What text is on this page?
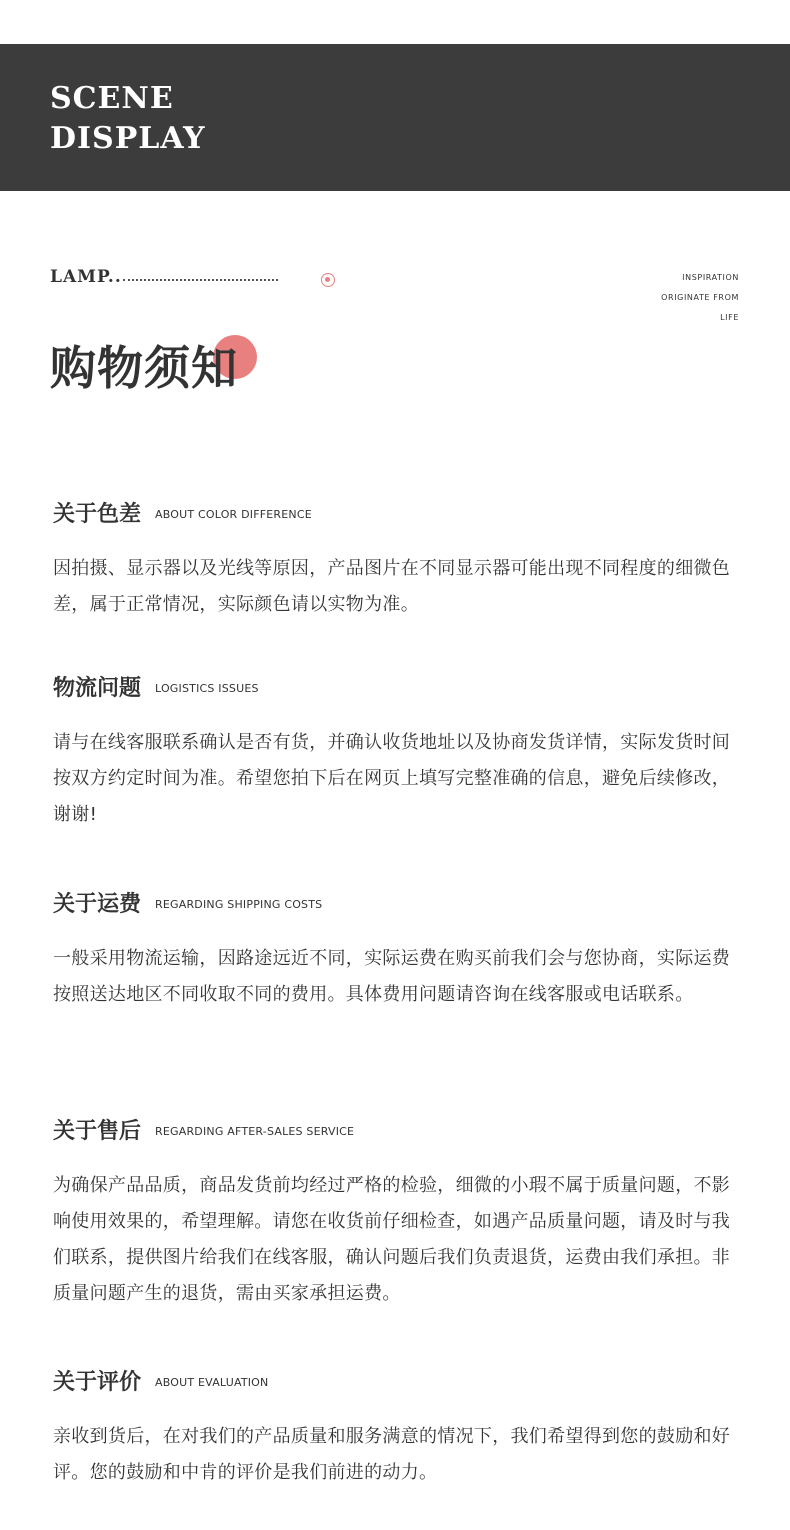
SCENE
DISPLAY
LAMP..	INSPIRATION
ORIGINATE FROM
LIFE
购物须知
关于色差 ABOUT COLOR DIFFERENCE
因拍摄、显示器以及光线等原因，产品图片在不同显示器可能出现不同程度的细微色差，属于正常情况，实际颜色请以实物为准。
物流问题 LOGISTICS ISSUES
请与在线客服联系确认是否有货，并确认收货地址以及协商发货详情，实际发货时间按双方约定时间为准。希望您拍下后在网页上填写完整准确的信息，避免后续修改，谢谢!
关于运费 REGARDING SHIPPING COSTS
一般采用物流运输，因路途远近不同，实际运费在购买前我们会与您协商，实际运费按照送达地区不同收取不同的费用。具体费用问题请咨询在线客服或电话联系。
关于售后 REGARDING AFTER-SALES SERVICE
为确保产品品质，商品发货前均经过严格的检验，细微的小瑕不属于质量问题，不影响使用效果的，希望理解。请您在收货前仔细检查，如遇产品质量问题，请及时与我们联系，提供图片给我们在线客服，确认问题后我们负责退货，运费由我们承担。非质量问题产生的退货，需由买家承担运费。
关于评价 ABOUT EVALUATION
亲收到货后，在对我们的产品质量和服务满意的情况下，我们希望得到您的鼓励和好评。您的鼓励和中肯的评价是我们前进的动力。
